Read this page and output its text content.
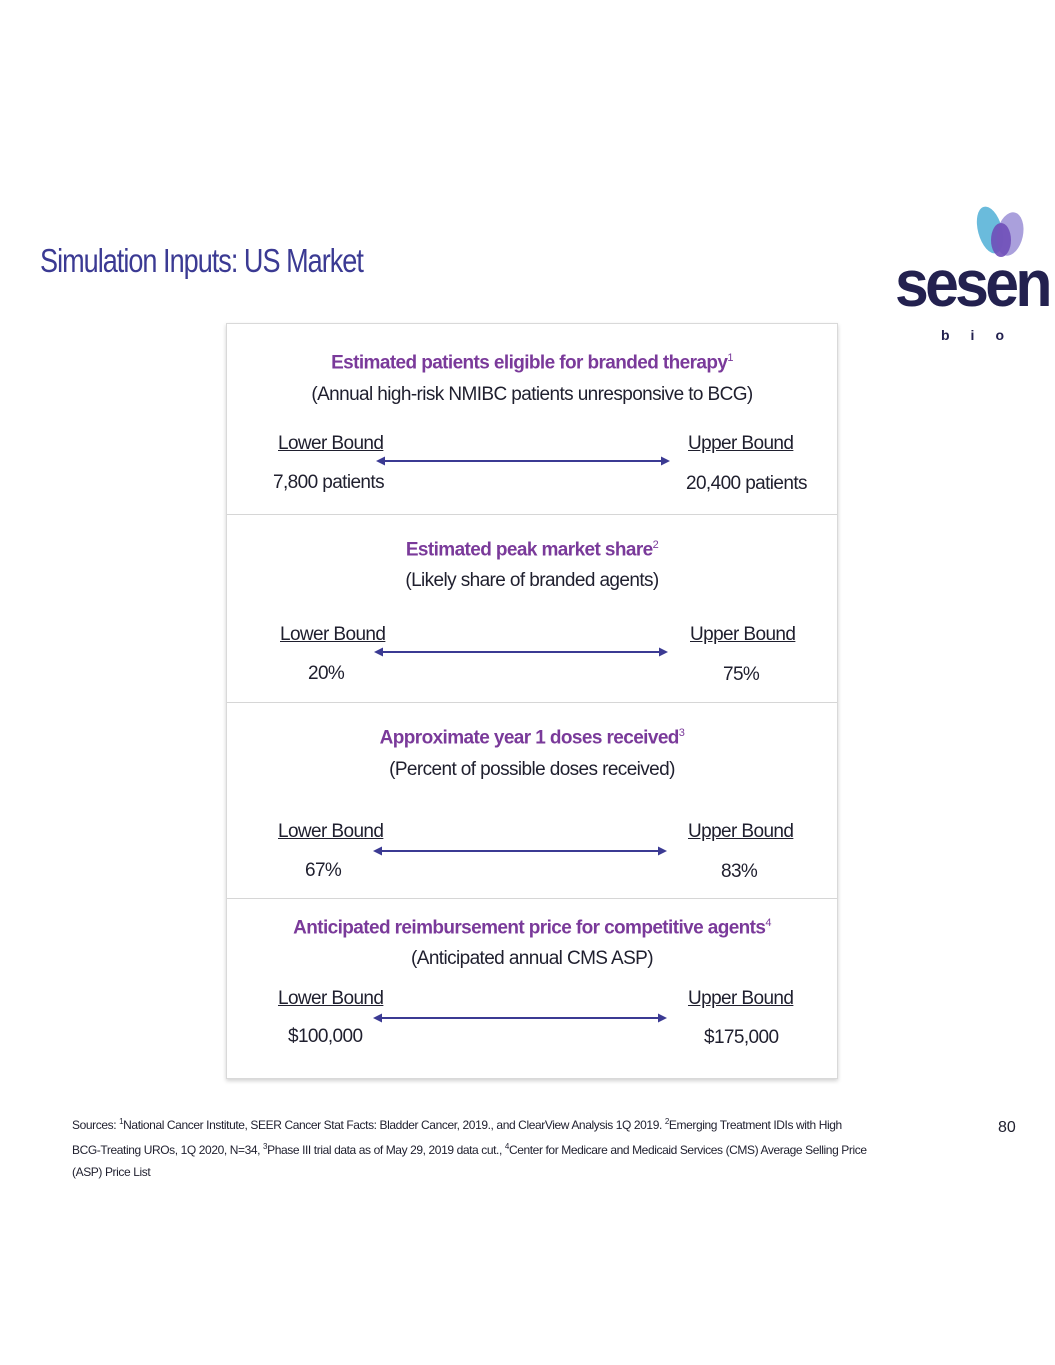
Simulation Inputs: US Market	sesen
bio
Estimated patients eligible for branded therapy$^1$
(Annual high-risk NMIBC patients unresponsive to BCG)
Lower Bound	Upper Bound
7,800 patients	20,400 patients
Estimated peak market share$^2$
(Likely share of branded agents)
Lower Bound	Upper Bound
20%	75%
Approximate year 1 doses received$^3$
(Percent of possible doses received)
Lower Bound	Upper Bound
67%	83%
Anticipated reimbursement price for competitive agents$^4$
(Anticipated annual CMS ASP)
Lower Bound	Upper Bound
$100,000	$175,000
Sources: $^1$National Cancer Institute, SEER Cancer Stat Facts: Bladder Cancer, 2019., and ClearView Analysis 1Q 2019. $^2$Emerging Treatment IDIs with High BCG-Treating UROs, 1Q 2020, N=34, $^3$Phase III trial data as of May 29, 2019 data cut., $^4$Center for Medicare and Medicaid Services (CMS) Average Selling Price (ASP) Price List
80
